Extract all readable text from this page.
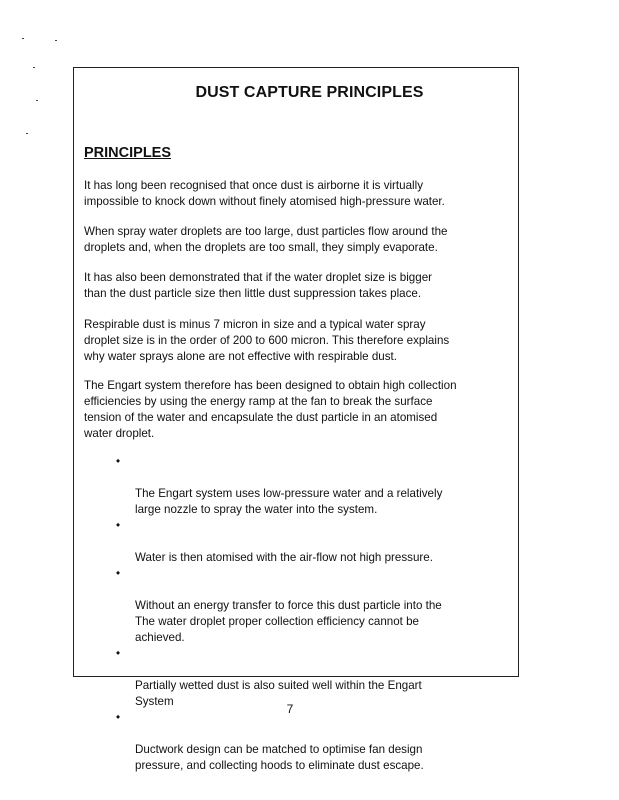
DUST CAPTURE PRINCIPLES
PRINCIPLES

It has long been recognised that once dust is airborne it is virtually
impossible to knock down without finely atomised high-pressure water.

When spray water droplets are too large, dust particles flow around the
droplets and, when the droplets are too small, they simply evaporate.

It has also been demonstrated that if the water droplet size is bigger
than the dust particle size then little dust suppression takes place.

Respirable dust is minus 7 micron in size and a typical water spray
droplet size is in the order of 200 to 600 micron. This therefore explains
why water sprays alone are not effective with respirable dust.

The Engart system therefore has been designed to obtain high collection
efficiencies by using the energy ramp at the fan to break the surface
tension of the water and encapsulate the dust particle in an atomised
water droplet.

•

The Engart system uses low-pressure water and a relatively
large nozzle to spray the water into the system.

•

Water is then atomised with the air-flow not high pressure.

•

Without an energy transfer to force this dust particle into the
The water droplet proper collection efficiency cannot be
achieved.

•

Partially wetted dust is also suited well within the Engart
System

•

Ductwork design can be matched to optimise fan design
pressure, and collecting hoods to eliminate dust escape.

7
